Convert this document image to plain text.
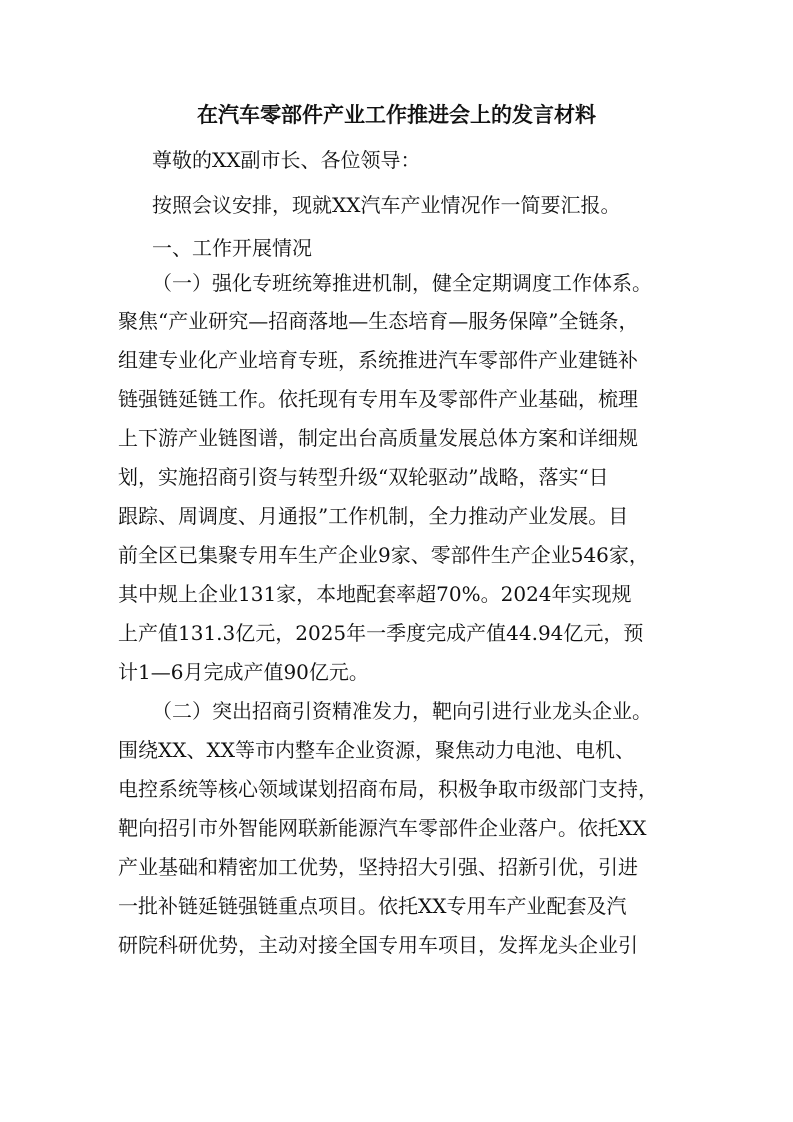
在汽车零部件产业工作推进会上的发言材料
尊敬的XX副市长、各位领导：
按照会议安排，现就XX汽车产业情况作一简要汇报。
一、工作开展情况
（一）强化专班统筹推进机制，健全定期调度工作体系。
聚焦“产业研究—招商落地—生态培育—服务保障”全链条，
组建专业化产业培育专班，系统推进汽车零部件产业建链补
链强链延链工作。依托现有专用车及零部件产业基础，梳理
上下游产业链图谱，制定出台高质量发展总体方案和详细规
划，实施招商引资与转型升级“双轮驱动”战略，落实“日
跟踪、周调度、月通报”工作机制，全力推动产业发展。目
前全区已集聚专用车生产企业9家、零部件生产企业546家，
其中规上企业131家，本地配套率超70%。2024年实现规
上产值131.3亿元，2025年一季度完成产值44.94亿元，预
计1—6月完成产值90亿元。
（二）突出招商引资精准发力，靶向引进行业龙头企业。
围绕XX、XX等市内整车企业资源，聚焦动力电池、电机、
电控系统等核心领域谋划招商布局，积极争取市级部门支持，
靶向招引市外智能网联新能源汽车零部件企业落户。依托XX
产业基础和精密加工优势，坚持招大引强、招新引优，引进
一批补链延链强链重点项目。依托XX专用车产业配套及汽
研院科研优势，主动对接全国专用车项目，发挥龙头企业引
